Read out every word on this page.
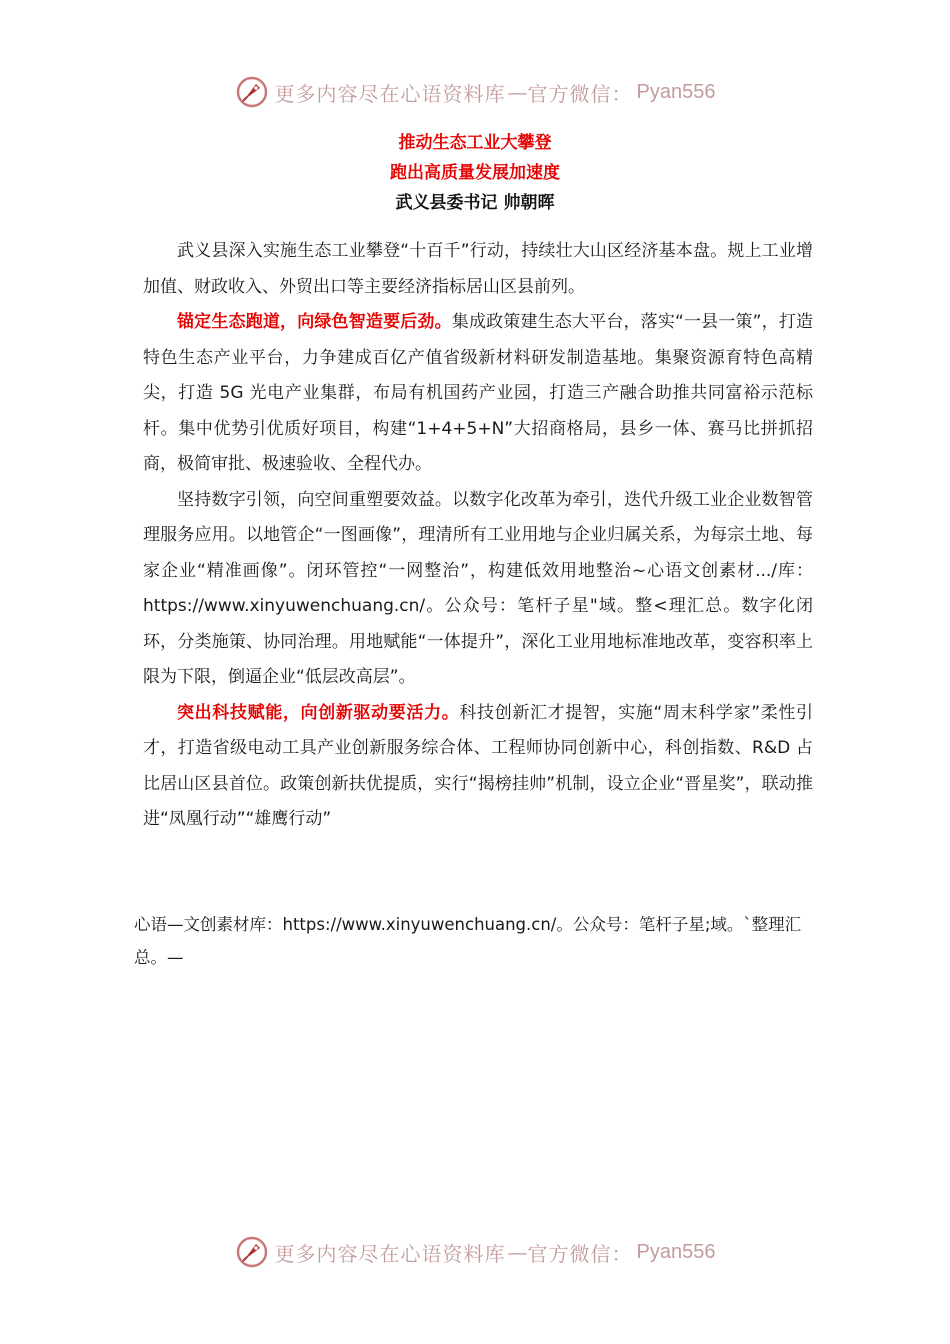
更多内容尽在心语资料库 — 官方微信： Pyan556
推动生态工业大攀登
跑出高质量发展加速度
武义县委书记 帅朝晖

武义县深入实施生态工业攀登“十百千”行动，持续壮大山区经济基本盘。规上工业增加值、财政收入、外贸出口等主要经济指标居山区县前列。

锚定生态跑道，向绿色智造要后劲。集成政策建生态大平台，落实“一县一策”，打造特色生态产业平台，力争建成百亿产值省级新材料研发制造基地。集聚资源育特色高精尖，打造 5G 光电产业集群，布局有机国药产业园，打造三产融合助推共同富裕示范标杆。集中优势引优质好项目，构建“1+4+5+N”大招商格局，县乡一体、赛马比拼抓招商，极简审批、极速验收、全程代办。

坚持数字引领，向空间重塑要效益。以数字化改革为牵引，迭代升级工业企业数智管理服务应用。以地管企“一图画像”，理清所有工业用地与企业归属关系，为每宗土地、每家企业“精准画像”。闭环管控“一网整治”，构建低效用地整治~心语文创素材.../库：https://www.xinyuwenchuang.cn/。公众号：笔杆子星"域。整<理汇总。数字化闭环，分类施策、协同治理。用地赋能“一体提升”，深化工业用地标准地改革，变容积率上限为下限，倒逼企业“低层改高层”。

突出科技赋能，向创新驱动要活力。科技创新汇才提智，实施“周末科学家”柔性引才，打造省级电动工具产业创新服务综合体、工程师协同创新中心，科创指数、R&D 占比居山区县首位。政策创新扶优提质，实行“揭榜挂帅”机制，设立企业“晋星奖”，联动推进“凤凰行动”“雄鹰行动”

心语—文创素材库：https://www.xinyuwenchuang.cn/。公众号：笔杆子星;域。`整理汇总。—
更多内容尽在心语资料库 — 官方微信： Pyan556
